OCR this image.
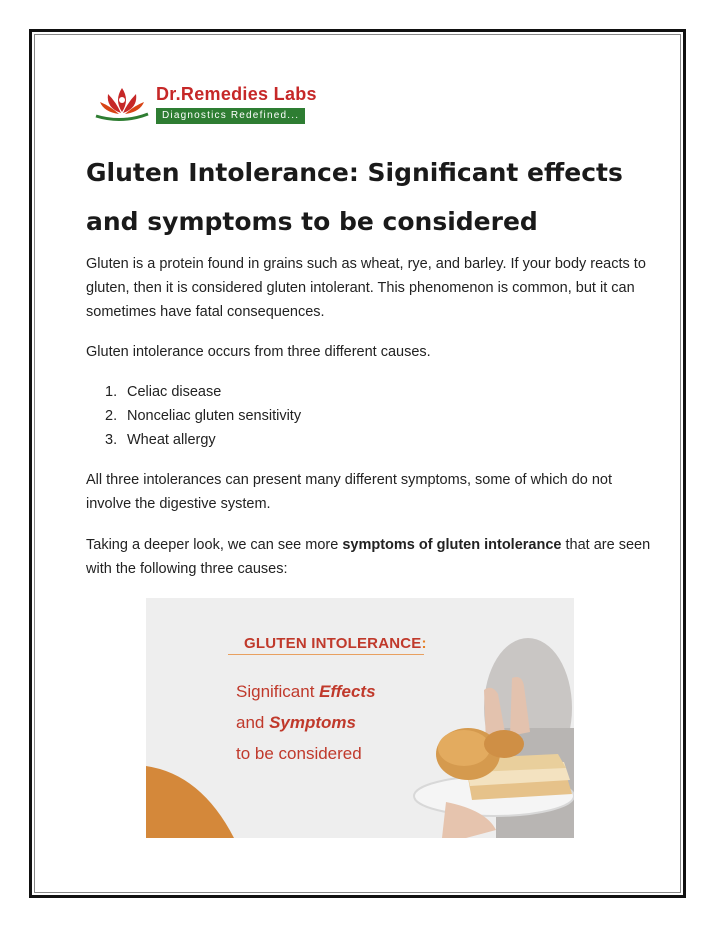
Dr.Remedies Labs
Diagnostics Redefined...
Gluten Intolerance: Significant effects and symptoms to be considered

Gluten is a protein found in grains such as wheat, rye, and barley. If your body reacts to gluten, then it is considered gluten intolerant. This phenomenon is common, but it can sometimes have fatal consequences.

Gluten intolerance occurs from three different causes.

1. Celiac disease
2. Nonceliac gluten sensitivity
3. Wheat allergy

All three intolerances can present many different symptoms, some of which do not involve the digestive system.

Taking a deeper look, we can see more symptoms of gluten intolerance that are seen with the following three causes:

GLUTEN INTOLERANCE:
Significant Effects
and Symptoms
to be considered
